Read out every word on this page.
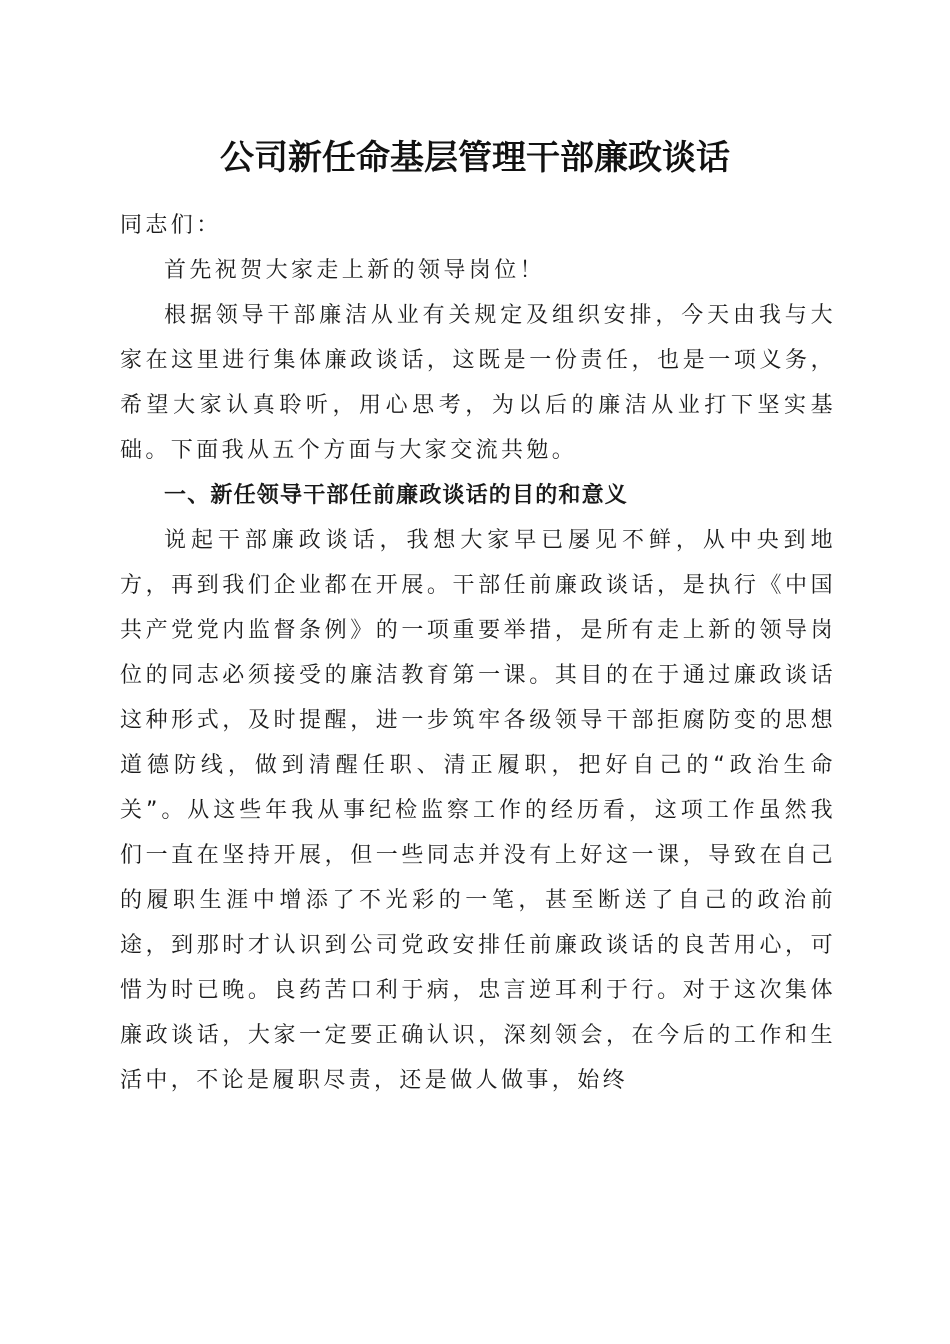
公司新任命基层管理干部廉政谈话

同志们：

首先祝贺大家走上新的领导岗位！

根据领导干部廉洁从业有关规定及组织安排，今天由我与大家在这里进行集体廉政谈话，这既是一份责任，也是一项义务，希望大家认真聆听，用心思考，为以后的廉洁从业打下坚实基础。下面我从五个方面与大家交流共勉。

一、新任领导干部任前廉政谈话的目的和意义

说起干部廉政谈话，我想大家早已屡见不鲜，从中央到地方，再到我们企业都在开展。干部任前廉政谈话，是执行《中国共产党党内监督条例》的一项重要举措，是所有走上新的领导岗位的同志必须接受的廉洁教育第一课。其目的在于通过廉政谈话这种形式，及时提醒，进一步筑牢各级领导干部拒腐防变的思想道德防线，做到清醒任职、清正履职，把好自己的“政治生命关”。从这些年我从事纪检监察工作的经历看，这项工作虽然我们一直在坚持开展，但一些同志并没有上好这一课，导致在自己的履职生涯中增添了不光彩的一笔，甚至断送了自己的政治前途，到那时才认识到公司党政安排任前廉政谈话的良苦用心，可惜为时已晚。良药苦口利于病，忠言逆耳利于行。对于这次集体廉政谈话，大家一定要正确认识，深刻领会，在今后的工作和生活中，不论是履职尽责，还是做人做事，始终
